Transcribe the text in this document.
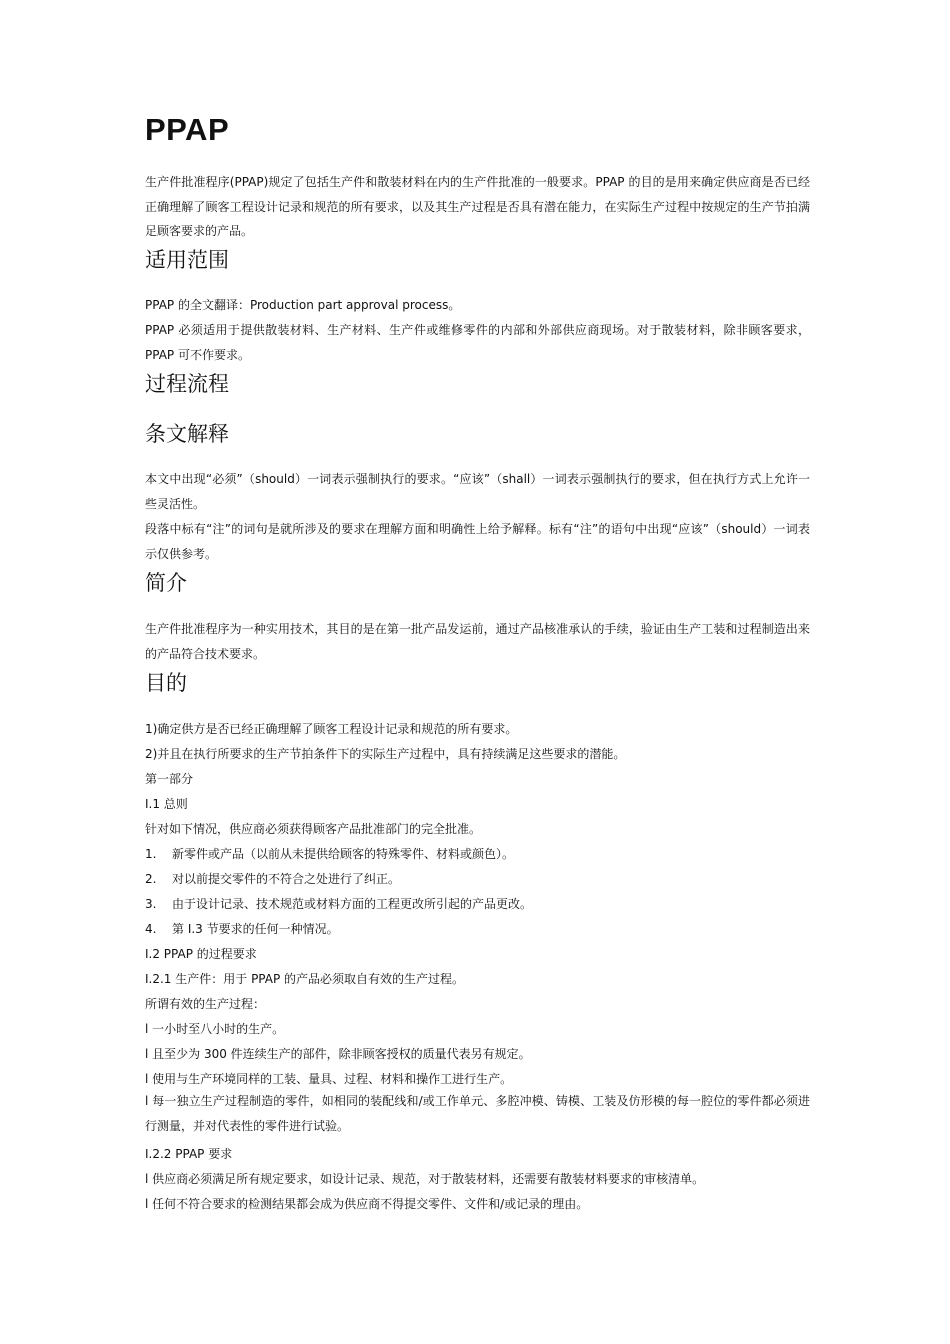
PPAP

生产件批准程序(PPAP)规定了包括生产件和散装材料在内的生产件批准的一般要求。PPAP 的目的是用来确定供应商是否已经正确理解了顾客工程设计记录和规范的所有要求，以及其生产过程是否具有潜在能力，在实际生产过程中按规定的生产节拍满足顾客要求的产品。

适用范围

PPAP 的全文翻译：Production part approval process。

PPAP 必须适用于提供散装材料、生产材料、生产件或维修零件的内部和外部供应商现场。对于散装材料，除非顾客要求，PPAP 可不作要求。

过程流程
条文解释

本文中出现“必须”（should）一词表示强制执行的要求。“应该”（shall）一词表示强制执行的要求，但在执行方式上允许一些灵活性。

段落中标有“注”的词句是就所涉及的要求在理解方面和明确性上给予解释。标有“注”的语句中出现“应该”（should）一词表示仅供参考。

简介

生产件批准程序为一种实用技术，其目的是在第一批产品发运前，通过产品核准承认的手续，验证由生产工装和过程制造出来的产品符合技术要求。

目的

1)确定供方是否已经正确理解了顾客工程设计记录和规范的所有要求。

2)并且在执行所要求的生产节拍条件下的实际生产过程中，具有持续满足这些要求的潜能。

第一部分

I.1 总则

针对如下情况，供应商必须获得顾客产品批准部门的完全批准。

1. 新零件或产品（以前从未提供给顾客的特殊零件、材料或颜色）。

2. 对以前提交零件的不符合之处进行了纠正。

3. 由于设计记录、技术规范或材料方面的工程更改所引起的产品更改。

4. 第 I.3 节要求的任何一种情况。

I.2 PPAP 的过程要求

I.2.1 生产件：用于 PPAP 的产品必须取自有效的生产过程。

所谓有效的生产过程：

l 一小时至八小时的生产。

l 且至少为 300 件连续生产的部件，除非顾客授权的质量代表另有规定。

l 使用与生产环境同样的工装、量具、过程、材料和操作工进行生产。

l 每一独立生产过程制造的零件，如相同的装配线和/或工作单元、多腔冲模、铸模、工装及仿形模的每一腔位的零件都必须进行测量，并对代表性的零件进行试验。

I.2.2 PPAP 要求

l 供应商必须满足所有规定要求，如设计记录、规范，对于散装材料，还需要有散装材料要求的审核清单。

l 任何不符合要求的检测结果都会成为供应商不得提交零件、文件和/或记录的理由。
